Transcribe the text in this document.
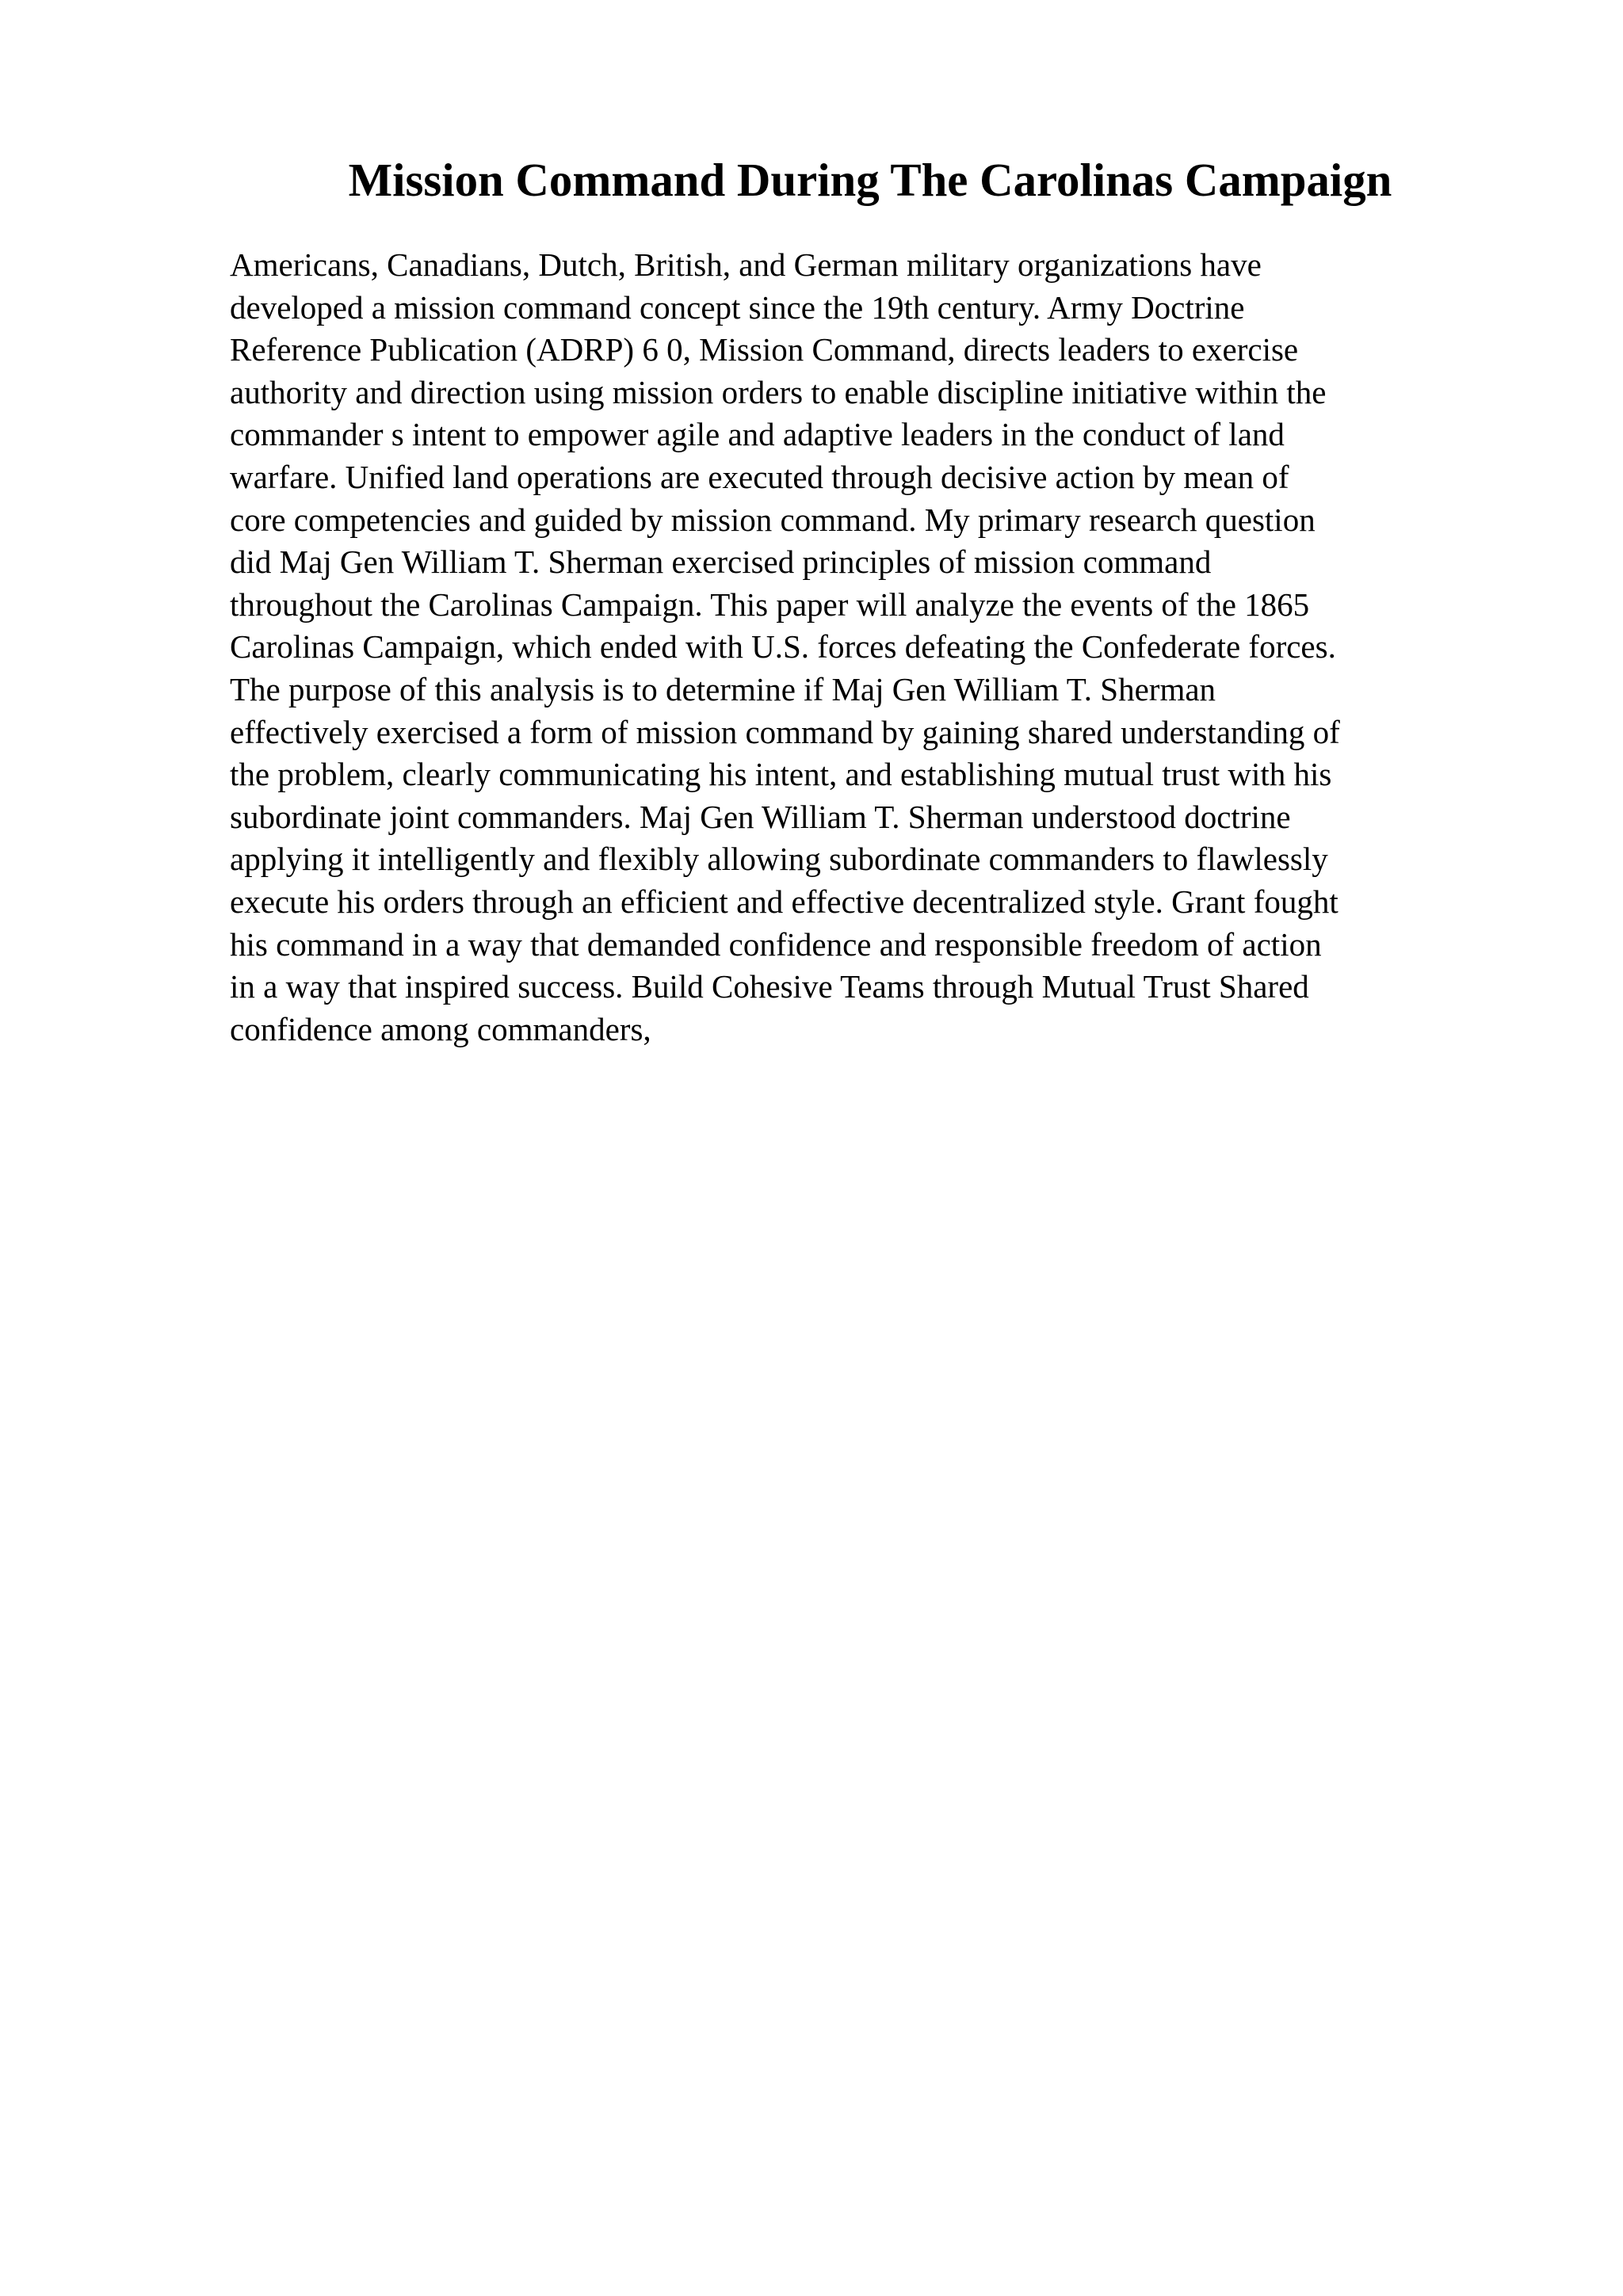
Mission Command During The Carolinas Campaign
Americans, Canadians, Dutch, British, and German military organizations have
developed a mission command concept since the 19th century. Army Doctrine
Reference Publication (ADRP) 6 0, Mission Command, directs leaders to exercise
authority and direction using mission orders to enable discipline initiative within the
commander s intent to empower agile and adaptive leaders in the conduct of land
warfare. Unified land operations are executed through decisive action by mean of
core competencies and guided by mission command. My primary research question
did Maj Gen William T. Sherman exercised principles of mission command
throughout the Carolinas Campaign. This paper will analyze the events of the 1865
Carolinas Campaign, which ended with U.S. forces defeating the Confederate forces.
The purpose of this analysis is to determine if Maj Gen William T. Sherman
effectively exercised a form of mission command by gaining shared understanding of
the problem, clearly communicating his intent, and establishing mutual trust with his
subordinate joint commanders. Maj Gen William T. Sherman understood doctrine
applying it intelligently and flexibly allowing subordinate commanders to flawlessly
execute his orders through an efficient and effective decentralized style. Grant fought
his command in a way that demanded confidence and responsible freedom of action
in a way that inspired success. Build Cohesive Teams through Mutual Trust Shared
confidence among commanders,
